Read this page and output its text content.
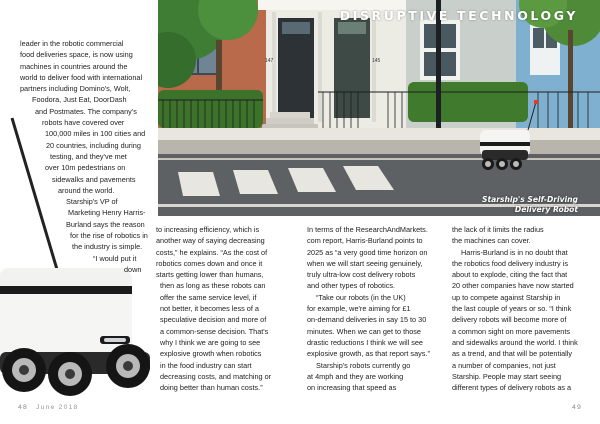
147	145
DISRUPTIVE TECHNOLOGY
Starship's Self-Driving
Delivery Robot
leader in the robotic commercial
food deliveries space, is now using
machines in countries around the
world to deliver food with international
partners including Domino's, Wolt,
Foodora, Just Eat, DoorDash
and Postmates. The company's
robots have covered over
100,000 miles in 100 cities and
20 countries, including during
testing, and they've met
over 10m pedestrians on
sidewalks and pavements
around the world.
Starship's VP of
Marketing Henry Harris-
Burland says the reason
for the rise of robotics in
the industry is simple.
“I would put it
down
to increasing efficiency, which is
another way of saying decreasing
costs,” he explains. “As the cost of
robotics comes down and once it
starts getting lower than humans,
then as long as these robots can
offer the same service level, if
not better, it becomes less of a
speculative decision and more of
a common-sense decision. That's
why I think we are going to see
explosive growth when robotics
in the food industry can start
decreasing costs, and matching or
doing better than human costs.”
In terms of the ResearchAndMarkets.
com report, Harris-Burland points to
2025 as “a very good time horizon on
when we will start seeing genuinely,
truly ultra-low cost delivery robots
and other types of robotics.
“Take our robots (in the UK)
for example, we're aiming for £1
on-demand deliveries in say 15 to 30
minutes. When we can get to those
drastic reductions I think we will see
explosive growth, as that report says.”
Starship's robots currently go
at 4mph and they are working
on increasing that speed as
the lack of it limits the radius
the machines can cover.
Harris-Burland is in no doubt that
the robotics food delivery industry is
about to explode, citing the fact that
20 other companies have now started
up to compete against Starship in
the last couple of years or so. “I think
delivery robots will become more of
a common sight on more pavements
and sidewalks around the world. I think
as a trend, and that will be potentially
a number of companies, not just
Starship. People may start seeing
different types of delivery robots as a
48 June 2018	49
